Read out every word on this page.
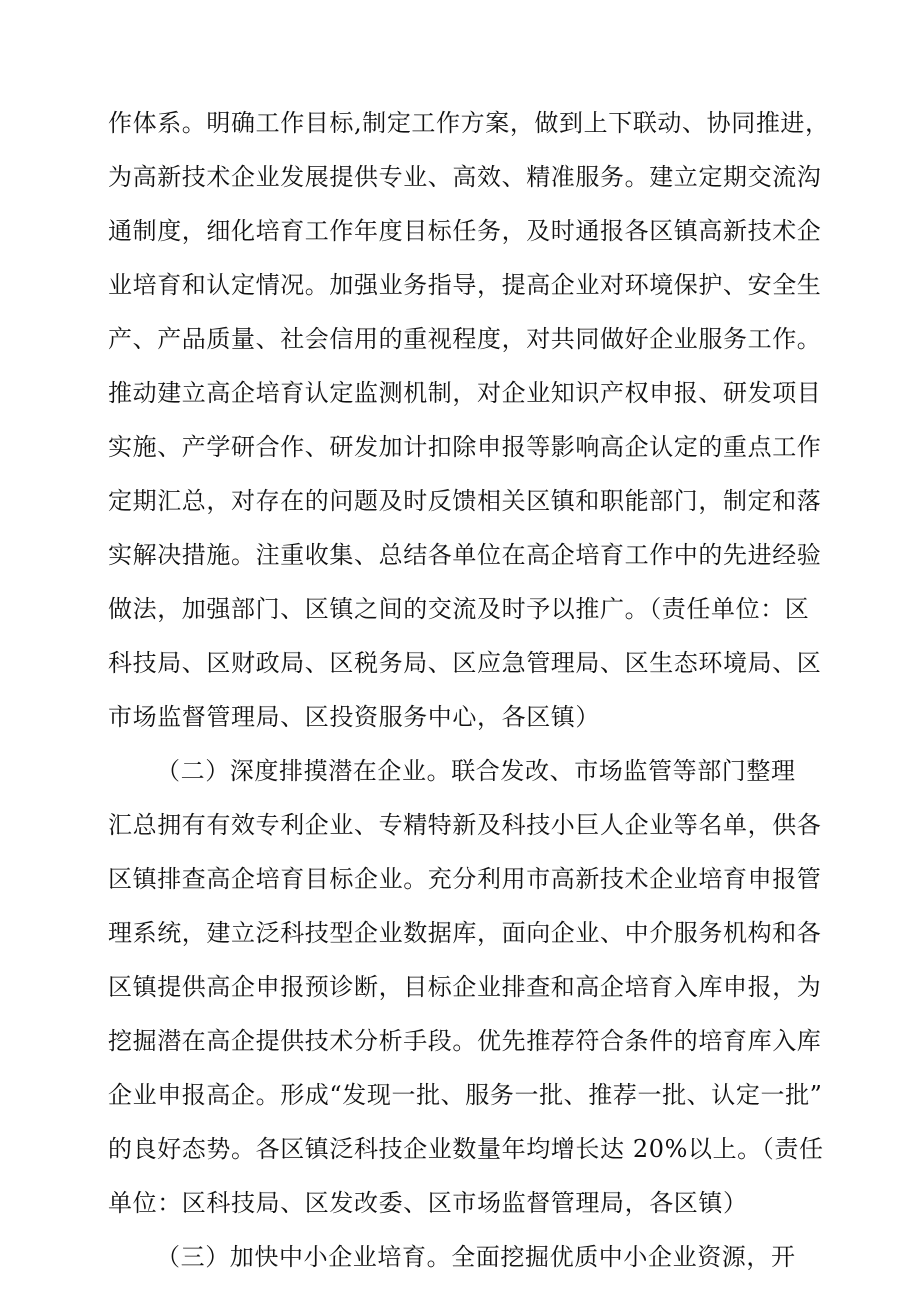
作体系。明确工作目标,制定工作方案，做到上下联动、协同推进，
为高新技术企业发展提供专业、高效、精准服务。建立定期交流沟
通制度，细化培育工作年度目标任务，及时通报各区镇高新技术企
业培育和认定情况。加强业务指导，提高企业对环境保护、安全生
产、产品质量、社会信用的重视程度，对共同做好企业服务工作。
推动建立高企培育认定监测机制，对企业知识产权申报、研发项目
实施、产学研合作、研发加计扣除申报等影响高企认定的重点工作
定期汇总，对存在的问题及时反馈相关区镇和职能部门，制定和落
实解决措施。注重收集、总结各单位在高企培育工作中的先进经验
做法，加强部门、区镇之间的交流及时予以推广。（责任单位：区
科技局、区财政局、区税务局、区应急管理局、区生态环境局、区
市场监督管理局、区投资服务中心，各区镇）
（二）深度排摸潜在企业。联合发改、市场监管等部门整理
汇总拥有有效专利企业、专精特新及科技小巨人企业等名单，供各
区镇排查高企培育目标企业。充分利用市高新技术企业培育申报管
理系统，建立泛科技型企业数据库，面向企业、中介服务机构和各
区镇提供高企申报预诊断，目标企业排查和高企培育入库申报，为
挖掘潜在高企提供技术分析手段。优先推荐符合条件的培育库入库
企业申报高企。形成“发现一批、服务一批、推荐一批、认定一批”
的良好态势。各区镇泛科技企业数量年均增长达 20%以上。（责任
单位：区科技局、区发改委、区市场监督管理局，各区镇）
（三）加快中小企业培育。全面挖掘优质中小企业资源，开
